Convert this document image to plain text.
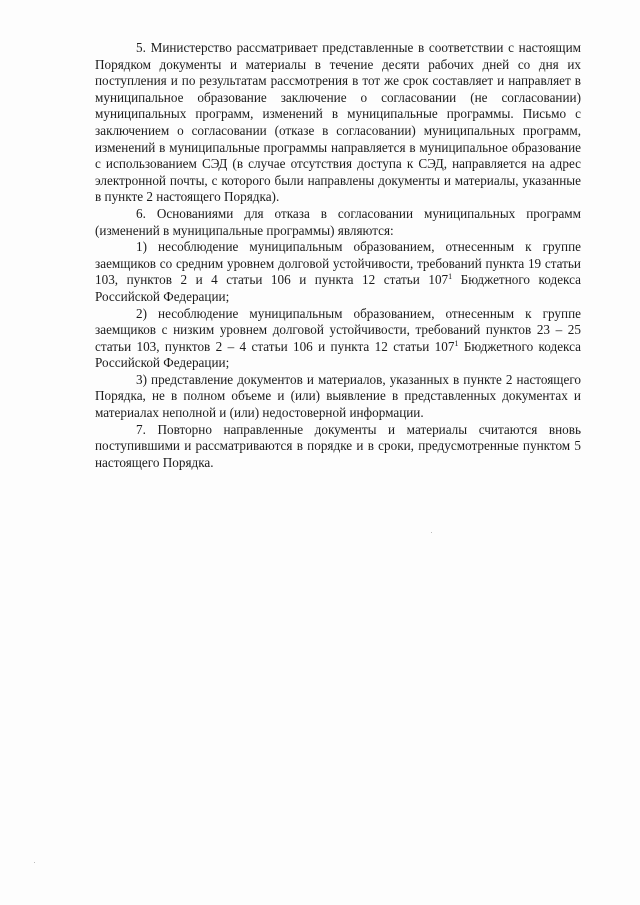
5. Министерство рассматривает представленные в соответствии с настоящим Порядком документы и материалы в течение десяти рабочих дней со дня их поступления и по результатам рассмотрения в тот же срок составляет и направляет в муниципальное образование заключение о согласовании (не согласовании) муниципальных программ, изменений в муниципальные программы. Письмо с заключением о согласовании (отказе в согласовании) муниципальных программ, изменений в муниципальные программы направляется в муниципальное образование с использованием СЭД (в случае отсутствия доступа к СЭД, направляется на адрес электронной почты, с которого были направлены документы и материалы, указанные в пункте 2 настоящего Порядка).

6. Основаниями для отказа в согласовании муниципальных программ (изменений в муниципальные программы) являются:

1) несоблюдение муниципальным образованием, отнесенным к группе заемщиков со средним уровнем долговой устойчивости, требований пункта 19 статьи 103, пунктов 2 и 4 статьи 106 и пункта 12 статьи $107^1$ Бюджетного кодекса Российской Федерации;

2) несоблюдение муниципальным образованием, отнесенным к группе заемщиков с низким уровнем долговой устойчивости, требований пунктов 23 – 25 статьи 103, пунктов 2 – 4 статьи 106 и пункта 12 статьи $107^1$ Бюджетного кодекса Российской Федерации;

3) представление документов и материалов, указанных в пункте 2 настоящего Порядка, не в полном объеме и (или) выявление в представленных документах и материалах неполной и (или) недостоверной информации.

7. Повторно направленные документы и материалы считаются вновь поступившими и рассматриваются в порядке и в сроки, предусмотренные пунктом 5 настоящего Порядка.
